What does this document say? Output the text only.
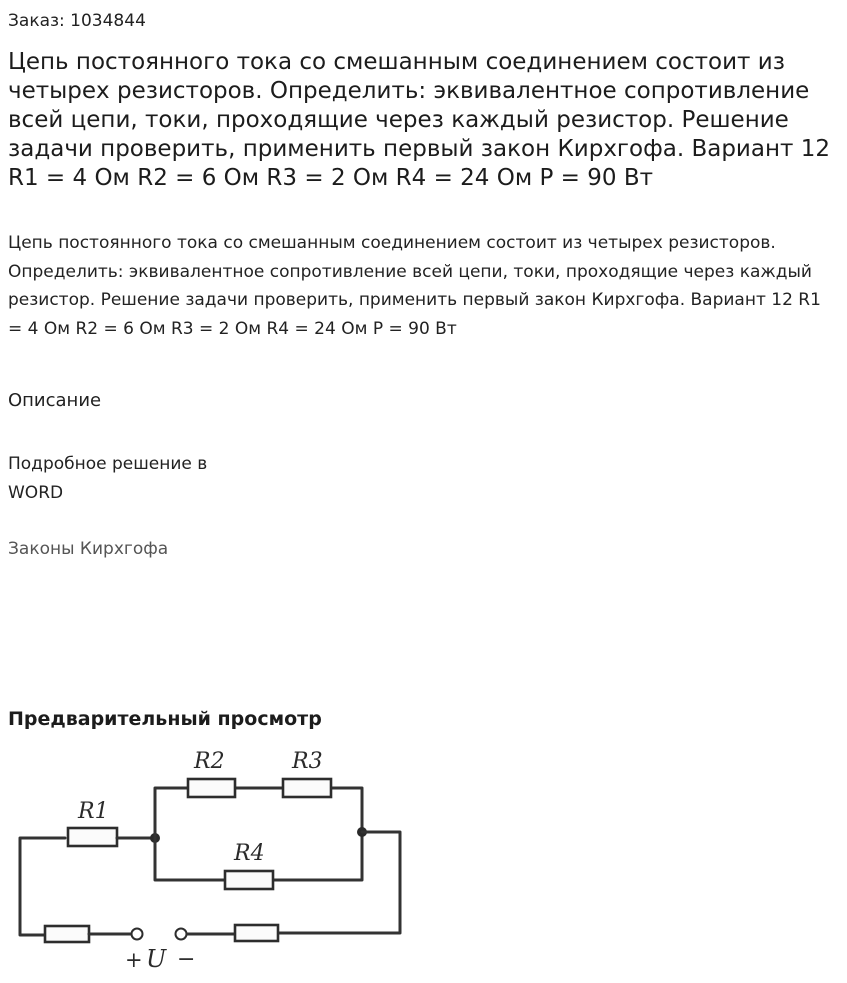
Заказ: 1034844
Цепь постоянного тока со смешанным соединением состоит из четырех резисторов. Определить: эквивалентное сопротивление всей цепи, токи, проходящие через каждый резистор. Решение задачи проверить, применить первый закон Кирхгофа. Вариант 12 R1 = 4 Ом R2 = 6 Ом R3 = 2 Ом R4 = 24 Ом P = 90 Вт
Цепь постоянного тока со смешанным соединением состоит из четырех резисторов. Определить: эквивалентное сопротивление всей цепи, токи, проходящие через каждый резистор. Решение задачи проверить, применить первый закон Кирхгофа. Вариант 12 R1 = 4 Ом R2 = 6 Ом R3 = 2 Ом R4 = 24 Ом P = 90 Вт
Описание
Подробное решение в WORD
Законы Кирхгофа
Предварительный просмотр
R2	R3
R1
R4
+ U −
